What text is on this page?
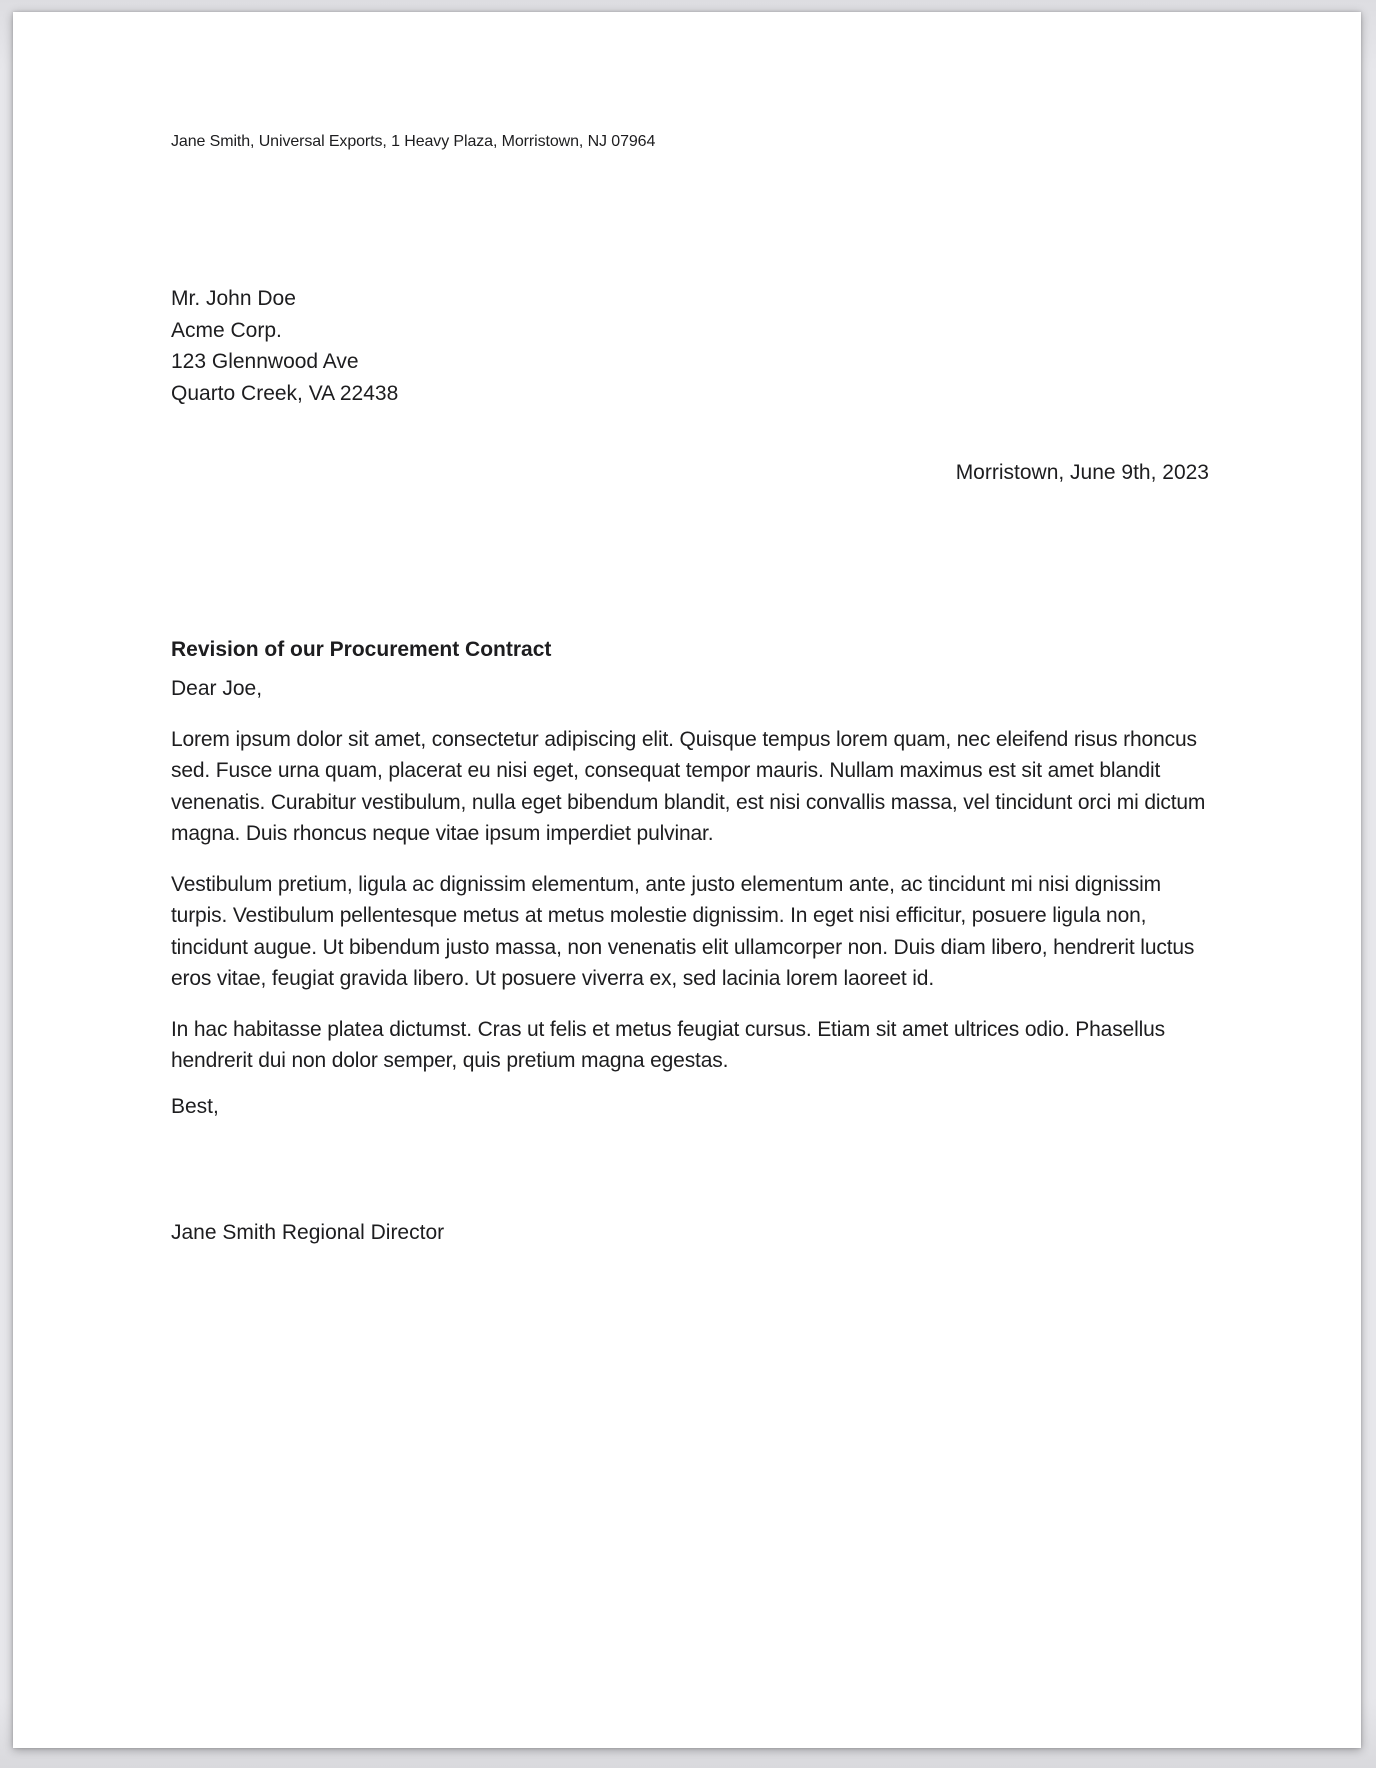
Jane Smith, Universal Exports, 1 Heavy Plaza, Morristown, NJ 07964
Mr. John Doe
Acme Corp.
123 Glennwood Ave
Quarto Creek, VA 22438
Morristown, June 9th, 2023
Revision of our Procurement Contract

Dear Joe,

Lorem ipsum dolor sit amet, consectetur adipiscing elit. Quisque tempus lorem quam, nec eleifend risus rhoncus sed. Fusce urna quam, placerat eu nisi eget, consequat tempor mauris. Nullam maximus est sit amet blandit venenatis. Curabitur vestibulum, nulla eget bibendum blandit, est nisi convallis massa, vel tincidunt orci mi dictum magna. Duis rhoncus neque vitae ipsum imperdiet pulvinar.

Vestibulum pretium, ligula ac dignissim elementum, ante justo elementum ante, ac tincidunt mi nisi dignissim turpis. Vestibulum pellentesque metus at metus molestie dignissim. In eget nisi efficitur, posuere ligula non, tincidunt augue. Ut bibendum justo massa, non venenatis elit ullamcorper non. Duis diam libero, hendrerit luctus eros vitae, feugiat gravida libero. Ut posuere viverra ex, sed lacinia lorem laoreet id.

In hac habitasse platea dictumst. Cras ut felis et metus feugiat cursus. Etiam sit amet ultrices odio. Phasellus hendrerit dui non dolor semper, quis pretium magna egestas.

Best,

Jane Smith Regional Director
